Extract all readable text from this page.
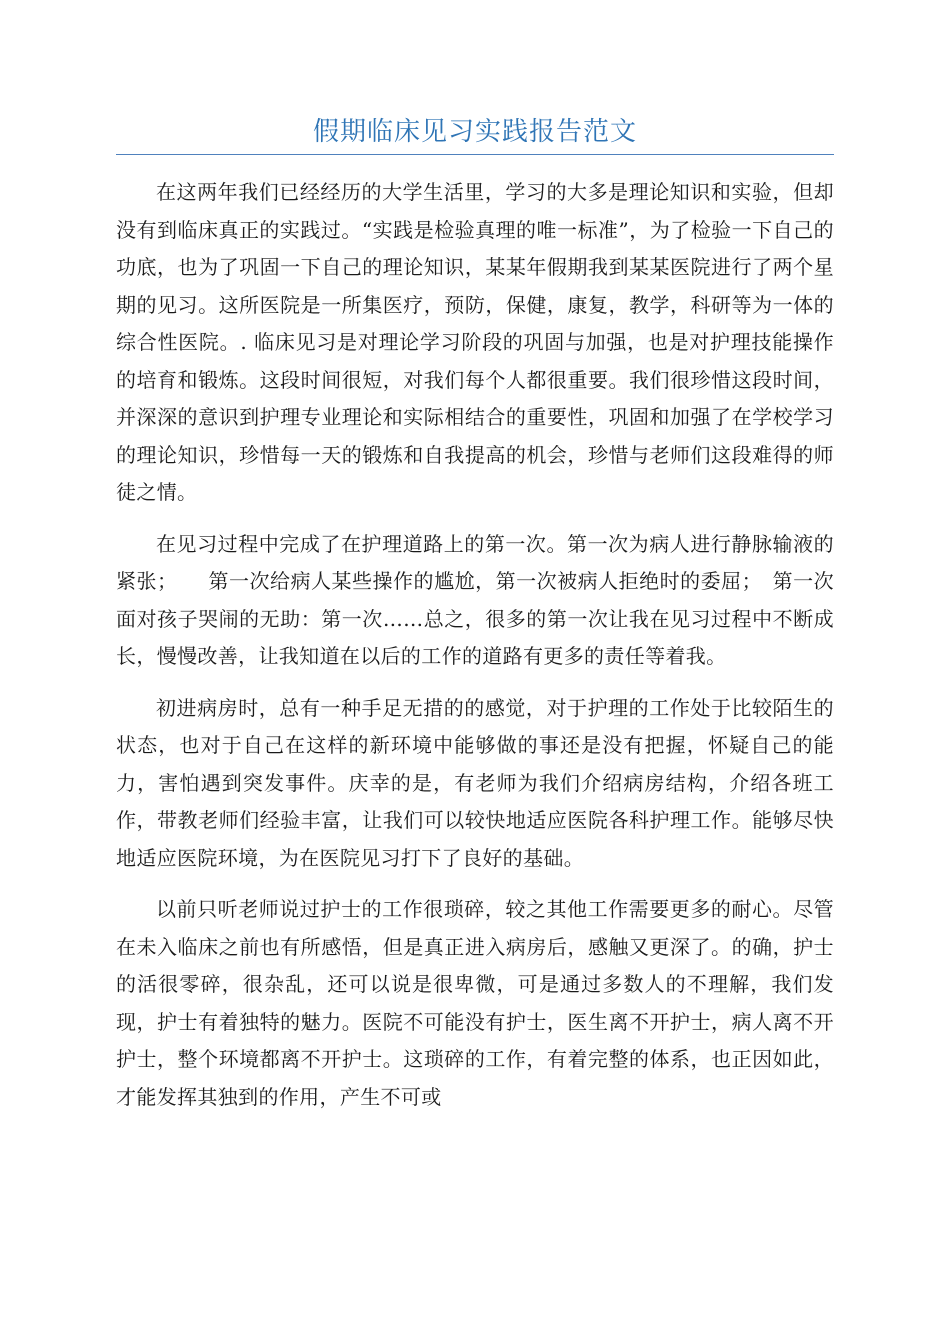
假期临床见习实践报告范文

在这两年我们已经经历的大学生活里，学习的大多是理论知识和实验，但却没有到临床真正的实践过。“实践是检验真理的唯一标准”，为了检验一下自己的功底，也为了巩固一下自己的理论知识，某某年假期我到某某医院进行了两个星期的见习。这所医院是一所集医疗，预防，保健，康复，教学，科研等为一体的综合性医院。. 临床见习是对理论学习阶段的巩固与加强，也是对护理技能操作的培育和锻炼。这段时间很短，对我们每个人都很重要。我们很珍惜这段时间，并深深的意识到护理专业理论和实际相结合的重要性，巩固和加强了在学校学习的理论知识，珍惜每一天的锻炼和自我提高的机会，珍惜与老师们这段难得的师徒之情。

在见习过程中完成了在护理道路上的第一次。第一次为病人进行静脉输液的紧张；　　第一次给病人某些操作的尴尬，第一次被病人拒绝时的委屈；　第一次面对孩子哭闹的无助：第一次……总之，很多的第一次让我在见习过程中不断成长，慢慢改善，让我知道在以后的工作的道路有更多的责任等着我。

初进病房时，总有一种手足无措的的感觉，对于护理的工作处于比较陌生的状态，也对于自己在这样的新环境中能够做的事还是没有把握，怀疑自己的能力，害怕遇到突发事件。庆幸的是，有老师为我们介绍病房结构，介绍各班工作，带教老师们经验丰富，让我们可以较快地适应医院各科护理工作。能够尽快地适应医院环境，为在医院见习打下了良好的基础。

以前只听老师说过护士的工作很琐碎，较之其他工作需要更多的耐心。尽管在未入临床之前也有所感悟，但是真正进入病房后，感触又更深了。的确，护士的活很零碎，很杂乱，还可以说是很卑微，可是通过多数人的不理解，我们发现，护士有着独特的魅力。医院不可能没有护士，医生离不开护士，病人离不开护士，整个环境都离不开护士。这琐碎的工作，有着完整的体系，也正因如此，才能发挥其独到的作用，产生不可或
